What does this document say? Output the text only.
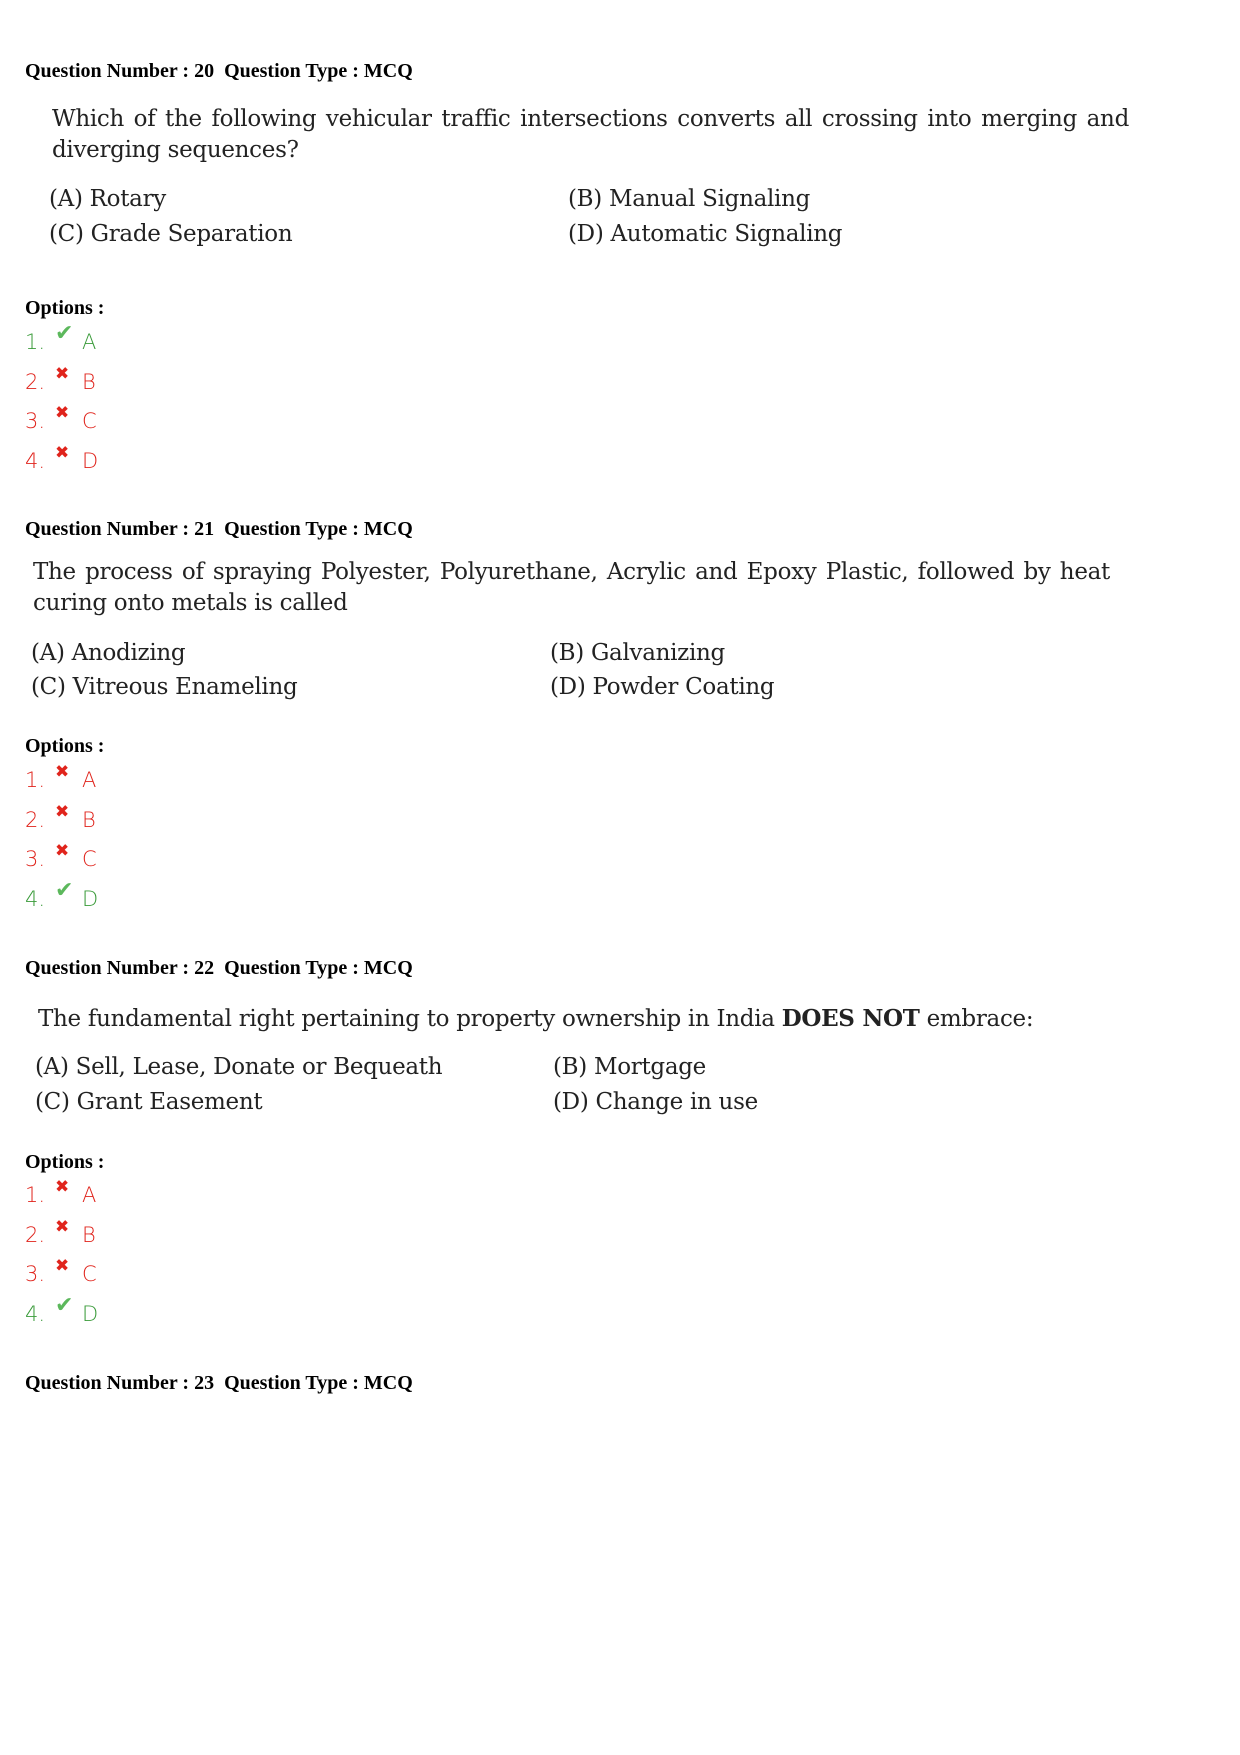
Question Number : 20  Question Type : MCQ
Which of the following vehicular traffic intersections converts all crossing into merging and
diverging sequences?
(A) Rotary	(B) Manual Signaling
(C) Grade Separation	(D) Automatic Signaling
Options :
1. ✔ A
2. ✖ B
3. ✖ C
4. ✖ D
Question Number : 21  Question Type : MCQ
The process of spraying Polyester, Polyurethane, Acrylic and Epoxy Plastic, followed by heat
curing onto metals is called
(A) Anodizing	(B) Galvanizing
(C) Vitreous Enameling	(D) Powder Coating
Options :
1. ✖ A
2. ✖ B
3. ✖ C
4. ✔ D
Question Number : 22  Question Type : MCQ
The fundamental right pertaining to property ownership in India DOES NOT embrace:
(A) Sell, Lease, Donate or Bequeath	(B) Mortgage
(C) Grant Easement	(D) Change in use
Options :
1. ✖ A
2. ✖ B
3. ✖ C
4. ✔ D
Question Number : 23  Question Type : MCQ
